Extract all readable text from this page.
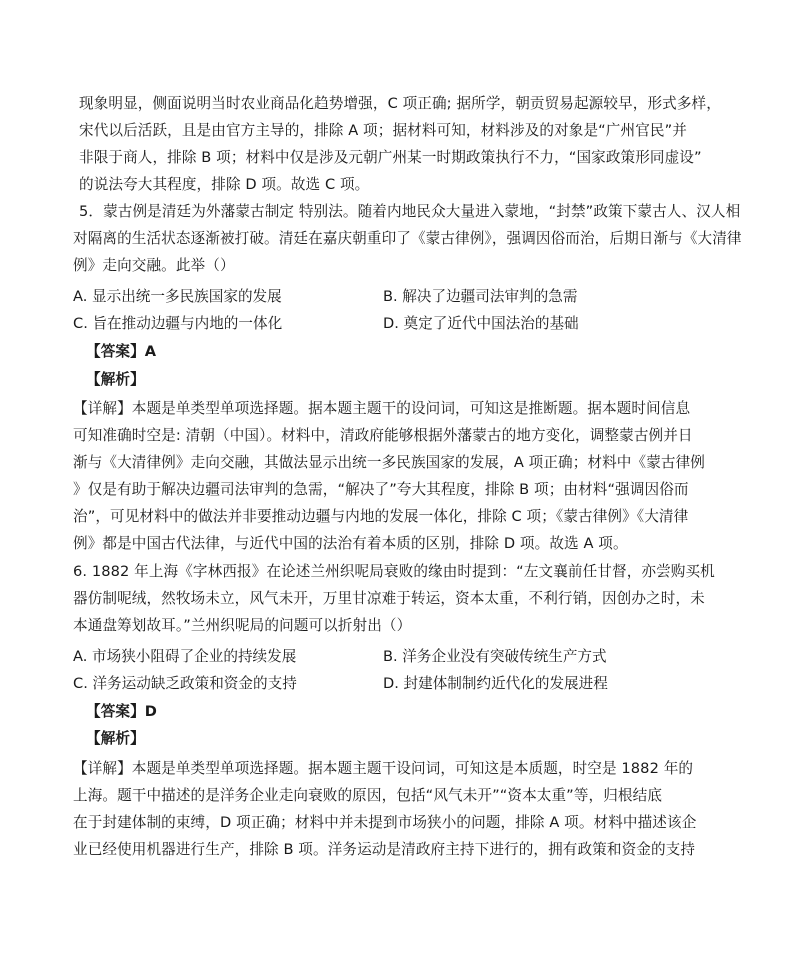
现象明显，侧面说明当时农业商品化趋势增强，C 项正确; 据所学，朝贡贸易起源较早，形式多样，
宋代以后活跃，且是由官方主导的，排除 A 项；据材料可知，材料涉及的对象是“广州官民”并
非限于商人，排除 B 项；材料中仅是涉及元朝广州某一时期政策执行不力，“国家政策形同虚设”
的说法夸大其程度，排除 D 项。故选 C 项。
5．蒙古例是清廷为外藩蒙古制定 特别法。随着内地民众大量进入蒙地，“封禁”政策下蒙古人、汉人相
对隔离的生活状态逐渐被打破。清廷在嘉庆朝重印了《蒙古律例》，强调因俗而治，后期日渐与《大清律
例》走向交融。此举（）
A. 显示出统一多民族国家的发展	B. 解决了边疆司法审判的急需
C. 旨在推动边疆与内地的一体化	D. 奠定了近代中国法治的基础
【答案】A
【解析】
【详解】本题是单类型单项选择题。据本题主题干的设问词，可知这是推断题。据本题时间信息
可知准确时空是: 清朝（中国）。材料中，清政府能够根据外藩蒙古的地方变化，调整蒙古例并日
渐与《大清律例》走向交融，其做法显示出统一多民族国家的发展，A 项正确；材料中《蒙古律例
》仅是有助于解决边疆司法审判的急需，“解决了”夸大其程度，排除 B 项；由材料“强调因俗而
治”，可见材料中的做法并非要推动边疆与内地的发展一体化，排除 C 项；《蒙古律例》《大清律
例》都是中国古代法律，与近代中国的法治有着本质的区别，排除 D 项。故选 A 项。
6. 1882 年上海《字林西报》在论述兰州织呢局衰败的缘由时提到：“左文襄前任甘督，亦尝购买机
器仿制呢绒，然牧场未立，风气未开，万里甘凉难于转运，资本太重，不利行销，因创办之时，未
本通盘筹划故耳。”兰州织呢局的问题可以折射出（）
A. 市场狭小阻碍了企业的持续发展	B. 洋务企业没有突破传统生产方式
C. 洋务运动缺乏政策和资金的支持	D. 封建体制制约近代化的发展进程
【答案】D
【解析】
【详解】本题是单类型单项选择题。据本题主题干设问词，可知这是本质题，时空是 1882 年的
上海。题干中描述的是洋务企业走向衰败的原因，包括“风气未开”“资本太重”等，归根结底
在于封建体制的束缚，D 项正确；材料中并未提到市场狭小的问题，排除 A 项。材料中描述该企
业已经使用机器进行生产，排除 B 项。洋务运动是清政府主持下进行的，拥有政策和资金的支持
